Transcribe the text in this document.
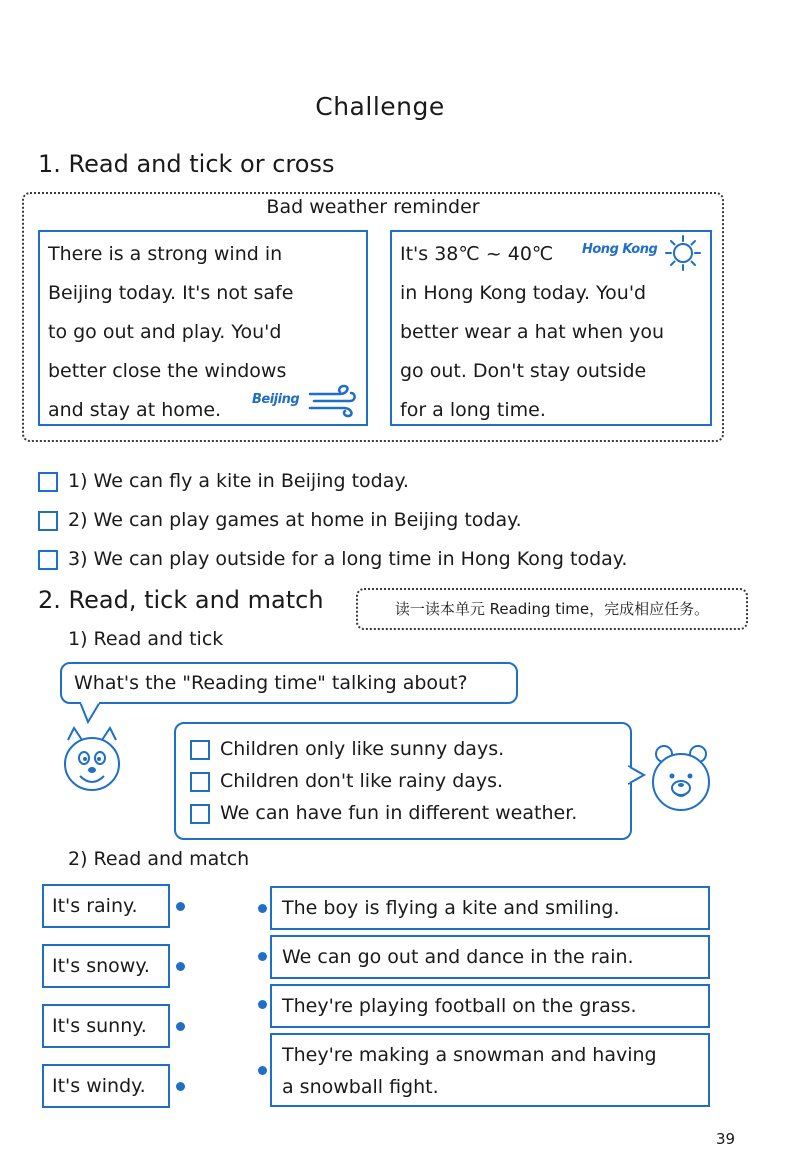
Challenge
1. Read and tick or cross
Bad weather reminder
There is a strong wind in
Beijing today. It's not safe
to go out and play. You'd
better close the windows
and stay at home.	Beijing
It's 38℃ ~ 40℃
in Hong Kong today. You'd
better wear a hat when you
go out. Don't stay outside
for a long time.
Hong Kong
1) We can fly a kite in Beijing today.
2) We can play games at home in Beijing today.
3) We can play outside for a long time in Hong Kong today.
2. Read, tick and match	读一读本单元 Reading time，完成相应任务。
1) Read and tick
What's the "Reading time" talking about?
Children only like sunny days.
Children don't like rainy days.
We can have fun in different weather.
2) Read and match
It's rainy.
It's snowy.
It's sunny.
It's windy.
The boy is flying a kite and smiling.
We can go out and dance in the rain.
They're playing football on the grass.
They're making a snowman and having
a snowball fight.
39
